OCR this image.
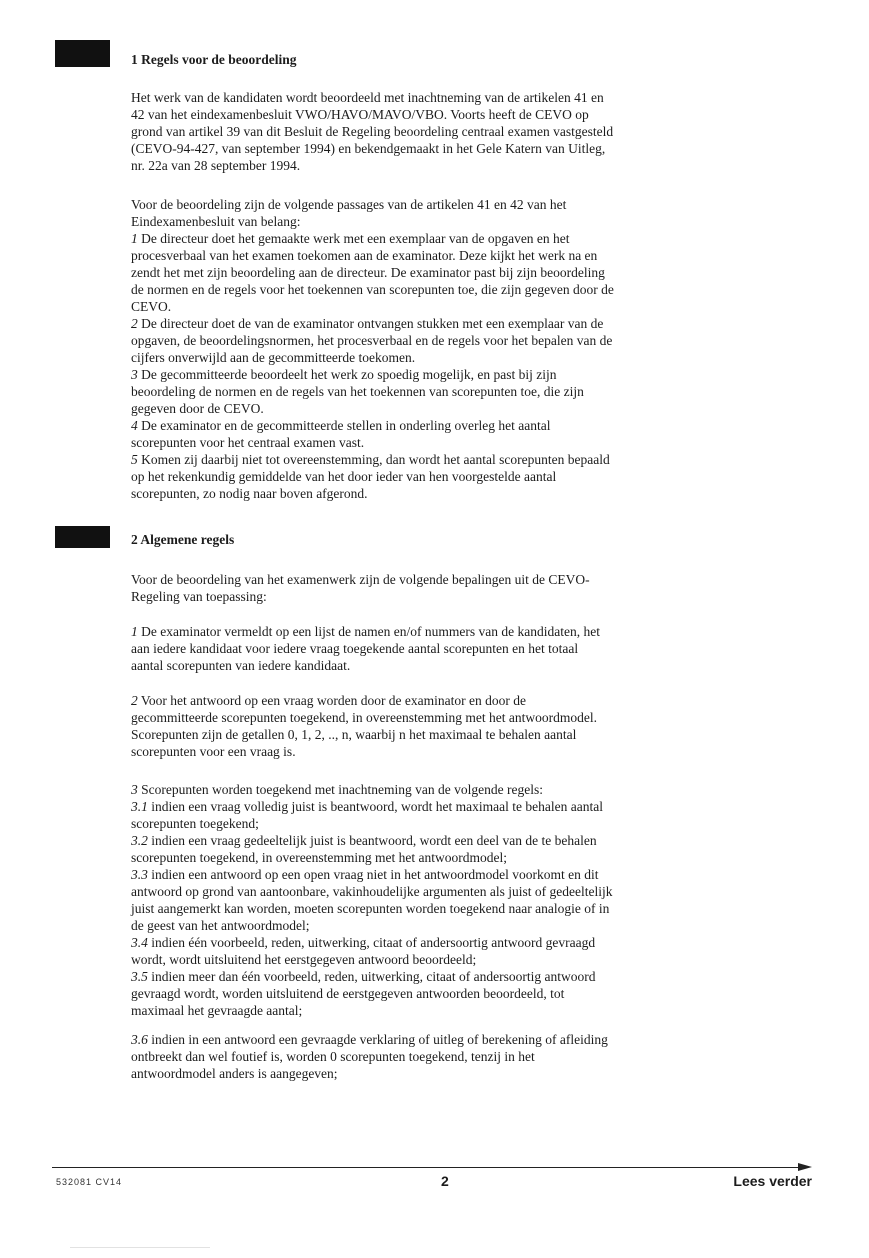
1 Regels voor de beoordeling

Het werk van de kandidaten wordt beoordeeld met inachtneming van de artikelen 41 en

42 van het eindexamenbesluit VWO/HAVO/MAVO/VBO. Voorts heeft de CEVO op

grond van artikel 39 van dit Besluit de Regeling beoordeling centraal examen vastgesteld

(CEVO-94-427, van september 1994) en bekendgemaakt in het Gele Katern van Uitleg,

nr. 22a van 28 september 1994.

Voor de beoordeling zijn de volgende passages van de artikelen 41 en 42 van het

Eindexamenbesluit van belang:

1 De directeur doet het gemaakte werk met een exemplaar van de opgaven en het

procesverbaal van het examen toekomen aan de examinator. Deze kijkt het werk na en

zendt het met zijn beoordeling aan de directeur. De examinator past bij zijn beoordeling

de normen en de regels voor het toekennen van scorepunten toe, die zijn gegeven door de

CEVO.

2 De directeur doet de van de examinator ontvangen stukken met een exemplaar van de

opgaven, de beoordelingsnormen, het procesverbaal en de regels voor het bepalen van de

cijfers onverwijld aan de gecommitteerde toekomen.

3 De gecommitteerde beoordeelt het werk zo spoedig mogelijk, en past bij zijn

beoordeling de normen en de regels van het toekennen van scorepunten toe, die zijn

gegeven door de CEVO.

4 De examinator en de gecommitteerde stellen in onderling overleg het aantal

scorepunten voor het centraal examen vast.

5 Komen zij daarbij niet tot overeenstemming, dan wordt het aantal scorepunten bepaald

op het rekenkundig gemiddelde van het door ieder van hen voorgestelde aantal

scorepunten, zo nodig naar boven afgerond.

2 Algemene regels

Voor de beoordeling van het examenwerk zijn de volgende bepalingen uit de CEVO-

Regeling van toepassing:

1 De examinator vermeldt op een lijst de namen en/of nummers van de kandidaten, het

aan iedere kandidaat voor iedere vraag toegekende aantal scorepunten en het totaal

aantal scorepunten van iedere kandidaat.

2 Voor het antwoord op een vraag worden door de examinator en door de

gecommitteerde scorepunten toegekend, in overeenstemming met het antwoordmodel.

Scorepunten zijn de getallen 0, 1, 2, .., n, waarbij n het maximaal te behalen aantal

scorepunten voor een vraag is.

3 Scorepunten worden toegekend met inachtneming van de volgende regels:

3.1 indien een vraag volledig juist is beantwoord, wordt het maximaal te behalen aantal

scorepunten toegekend;

3.2 indien een vraag gedeeltelijk juist is beantwoord, wordt een deel van de te behalen

scorepunten toegekend, in overeenstemming met het antwoordmodel;

3.3 indien een antwoord op een open vraag niet in het antwoordmodel voorkomt en dit

antwoord op grond van aantoonbare, vakinhoudelijke argumenten als juist of gedeeltelijk

juist aangemerkt kan worden, moeten scorepunten worden toegekend naar analogie of in

de geest van het antwoordmodel;

3.4 indien één voorbeeld, reden, uitwerking, citaat of andersoortig antwoord gevraagd

wordt, wordt uitsluitend het eerstgegeven antwoord beoordeeld;

3.5 indien meer dan één voorbeeld, reden, uitwerking, citaat of andersoortig antwoord

gevraagd wordt, worden uitsluitend de eerstgegeven antwoorden beoordeeld, tot

maximaal het gevraagde aantal;

3.6 indien in een antwoord een gevraagde verklaring of uitleg of berekening of afleiding

ontbreekt dan wel foutief is, worden 0 scorepunten toegekend, tenzij in het

antwoordmodel anders is aangegeven;

532081 CV14	2	Lees verder
